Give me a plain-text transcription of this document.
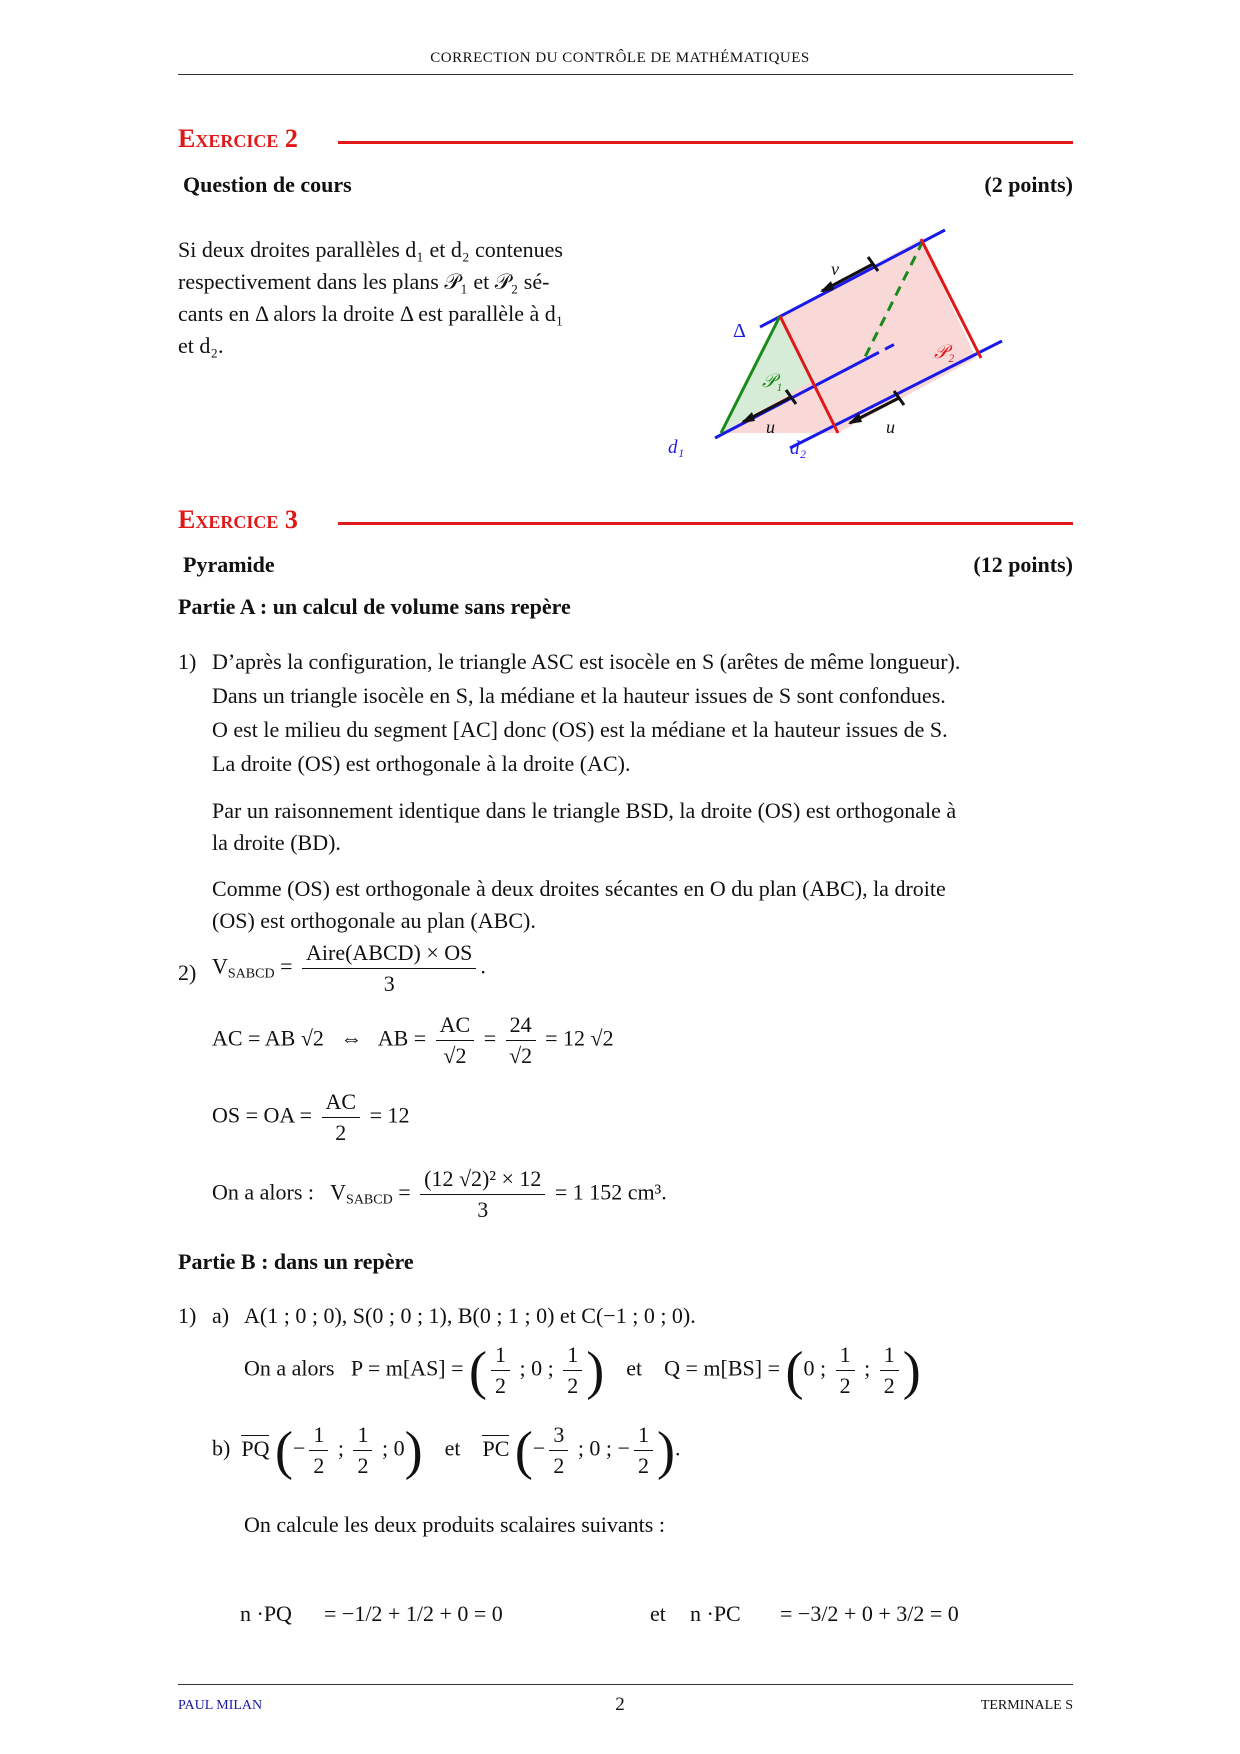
CORRECTION DU CONTRÔLE DE MATHÉMATIQUES
Exercice 2
Question de cours	(2 points)
Si deux droites parallèles d₁ et d₂ contenues
respectivement dans les plans 𝒫₁ et 𝒫₂ sé-
cants en Δ alors la droite Δ est parallèle à d₁
et d₂.
Δ
𝒫₁
𝒫₂
d₁	d₂
u⃗	u⃗
v⃗
Exercice 3
Pyramide	(12 points)
Partie A : un calcul de volume sans repère
1) D’après la configuration, le triangle ASC est isocèle en S (arêtes de même longueur).
Dans un triangle isocèle en S, la médiane et la hauteur issues de S sont confondues.
O est le milieu du segment [AC] donc (OS) est la médiane et la hauteur issues de S.
La droite (OS) est orthogonale à la droite (AC).
Par un raisonnement identique dans le triangle BSD, la droite (OS) est orthogonale à
la droite (BD).
Comme (OS) est orthogonale à deux droites sécantes en O du plan (ABC), la droite
(OS) est orthogonale au plan (ABC).
2) $V_{SABCD} = \frac{\text{Aire(ABCD) × OS}}{3}$ .
AC = AB √2 ⇔ AB = $\frac{AC}{√2} = \frac{24}{√2} = 12$ √2
OS = OA = $\frac{AC}{2} = 12$
On a alors : $V_{SABCD} = \frac{\text{(12 √2)² × 12}}{3} = 1$ 152 cm³.
Partie B : dans un repère
1) a) A(1 ; 0 ; 0), S(0 ; 0 ; 1), B(0 ; 1 ; 0) et C(−1 ; 0 ; 0).
On a alors P = m[AS] = ( $\frac{1}{2}$ ; 0 ; $\frac{1}{2}$ ) et Q = m[BS] = (0 ; $\frac{1}{2}$ ; $\frac{1}{2}$ )
b) PQ (− $\frac{1}{2}$ ; $\frac{1}{2}$ ; 0) et PC (− $\frac{3}{2}$ ; 0 ; − $\frac{1}{2}$ ).
On calcule les deux produits scalaires suivants :
n ·PQ = −1/2 + 1/2 + 0 = 0	et n ·PC = −3/2 + 0 + 3/2 = 0
PAUL MILAN	2	TERMINALE S
